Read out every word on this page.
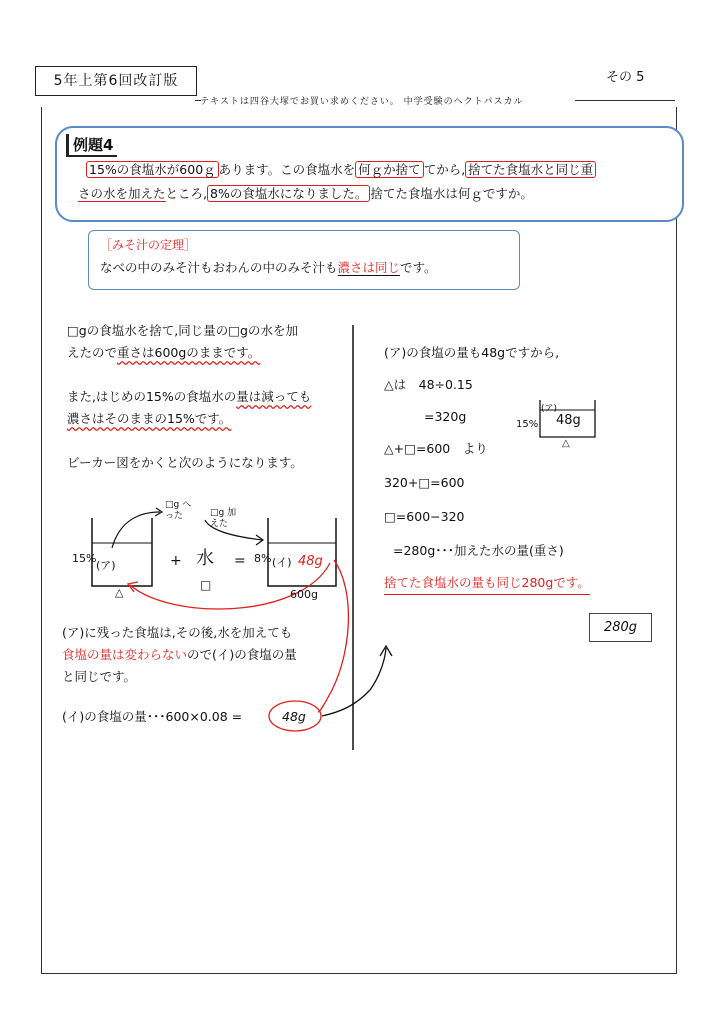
5年上第6回改訂版	その 5
テキストは四谷大塚でお買い求めください。 中学受験のヘクトパスカル
例題4
15%の食塩水が600ｇ あります。この食塩水を 何ｇか捨て てから, 捨てた食塩水と同じ重
さの水を加えたところ, 8%の食塩水になりました。 捨てた食塩水は何ｇですか。
［みそ汁の定理］
なべの中のみそ汁もおわんの中のみそ汁も濃さは同じです。
□gの食塩水を捨て,同じ量の□gの水を加
えたので重さは600gのままです。
また,はじめの15%の食塩水の量は減っても
濃さはそのままの15%です。
ビーカー図をかくと次のようになります。
15%
(ア)
△
□g へった	□g 加えた
+ 水
□
= 8% (イ) 48g
600g
(ア)に残った食塩は,その後,水を加えても
食塩の量は変わらないので(イ)の食塩の量
と同じです。
(イ)の食塩の量･･･600×0.08 =	48g
(ア)の食塩の量も48gですから,
△は　48÷0.15
=320g
△+□=600　より
320+□=600
□=600−320
=280g･･･加えた水の量(重さ)
捨てた食塩水の量も同じ280gです。
15%
(ア)
48g
△
280g
